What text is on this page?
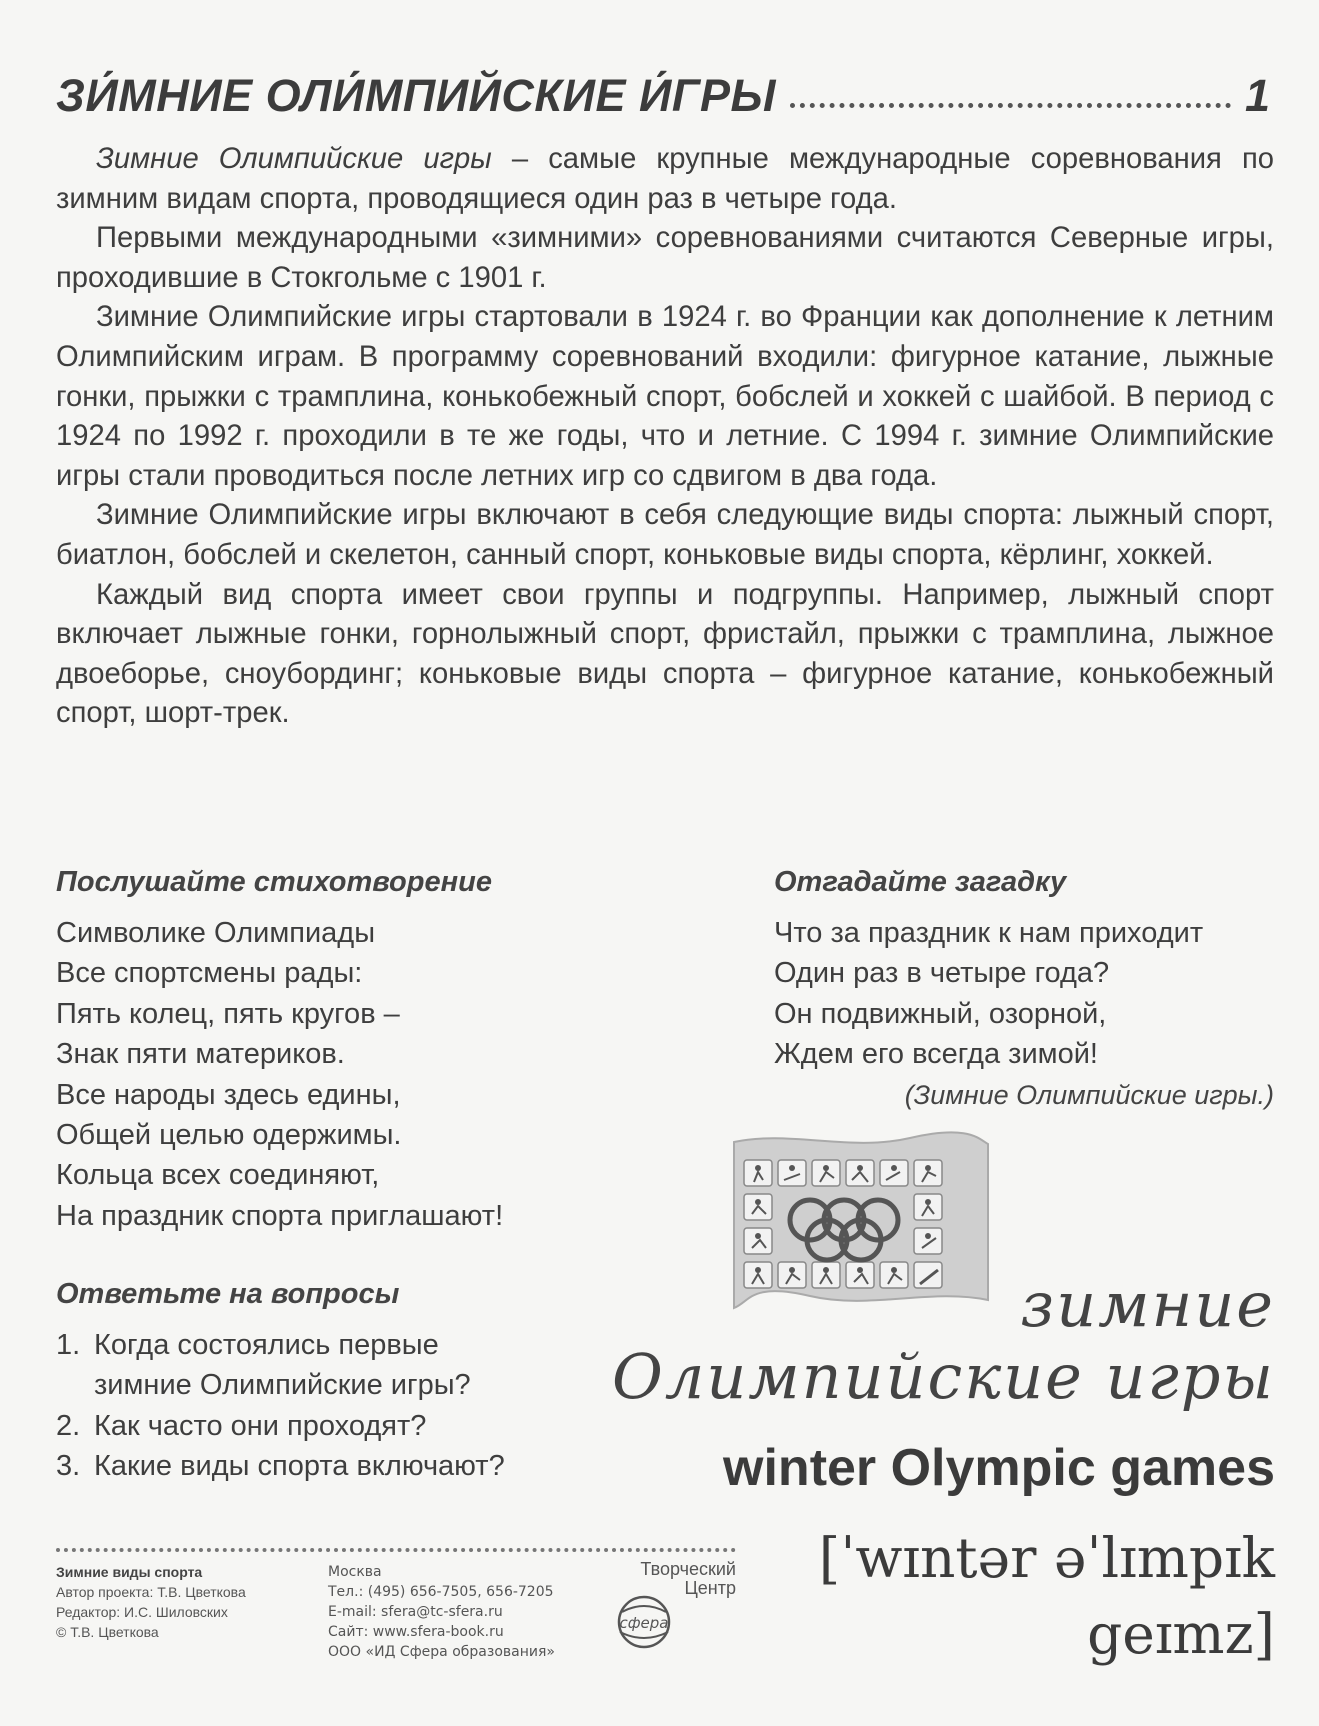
ЗИ́МНИЕ ОЛИ́МПИЙСКИЕ И́ГРЫ	1

Зимние Олимпийские игры – самые крупные международные соревнования по зимним видам спорта, проводящиеся один раз в четыре года.

Первыми международными «зимними» соревнованиями считаются Северные игры, проходившие в Стокгольме с 1901 г.

Зимние Олимпийские игры стартовали в 1924 г. во Франции как дополнение к летним Олимпийским играм. В программу соревнований входили: фигурное катание, лыжные гонки, прыжки с трамплина, конькобежный спорт, бобслей и хоккей с шайбой. В период с 1924 по 1992 г. проходили в те же годы, что и летние. С 1994 г. зимние Олимпийские игры стали проводиться после летних игр со сдвигом в два года.

Зимние Олимпийские игры включают в себя следующие виды спорта: лыжный спорт, биатлон, бобслей и скелетон, санный спорт, коньковые виды спорта, кёрлинг, хоккей.

Каждый вид спорта имеет свои группы и подгруппы. Например, лыжный спорт включает лыжные гонки, горнолыжный спорт, фристайл, прыжки с трамплина, лыжное двоеборье, сноубординг; коньковые виды спорта – фигурное катание, конькобежный спорт, шорт-трек.

Послушайте стихотворение

Символике Олимпиады
Все спортсмены рады:
Пять колец, пять кругов –
Знак пяти материков.
Все народы здесь едины,
Общей целью одержимы.
Кольца всех соединяют,
На праздник спорта приглашают!

Отгадайте загадку

Что за праздник к нам приходит
Один раз в четыре года?
Он подвижный, озорной,
Ждем его всегда зимой!
(Зимние Олимпийские игры.)

Ответьте на вопросы

1. Когда состоялись первые
зимние Олимпийские игры?
2. Как часто они проходят?
3. Какие виды спорта включают?
зимние
Олимпийские игры
winter Olympic games
[ˈwɪntər əˈlɪmpɪk
geɪmz]
Зимние виды спорта
Автор проекта: Т.В. Цветкова
Редактор: И.С. Шиловских
© Т.В. Цветкова
Москва
Тел.: (495) 656-7505, 656-7205
E-mail: sfera@tc-sfera.ru
Сайт: www.sfera-book.ru
ООО «ИД Сфера образования»
Творческий
Центр
сфера
